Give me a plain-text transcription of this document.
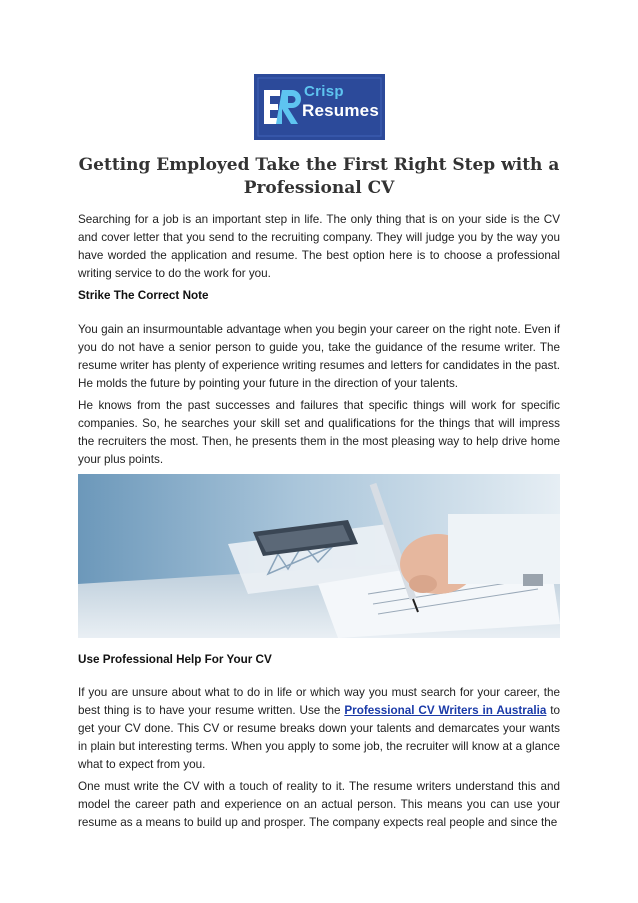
Crisp
Resumes
Getting Employed Take the First Right Step with a Professional CV

Searching for a job is an important step in life. The only thing that is on your side is the CV and cover letter that you send to the recruiting company. They will judge you by the way you have worded the application and resume. The best option here is to choose a professional writing service to do the work for you.

Strike The Correct Note

You gain an insurmountable advantage when you begin your career on the right note. Even if you do not have a senior person to guide you, take the guidance of the resume writer. The resume writer has plenty of experience writing resumes and letters for candidates in the past. He molds the future by pointing your future in the direction of your talents.

He knows from the past successes and failures that specific things will work for specific companies. So, he searches your skill set and qualifications for the things that will impress the recruiters the most. Then, he presents them in the most pleasing way to help drive home your plus points.

Use Professional Help For Your CV

If you are unsure about what to do in life or which way you must search for your career, the best thing is to have your resume written. Use the Professional CV Writers in Australia to get your CV done. This CV or resume breaks down your talents and demarcates your wants in plain but interesting terms. When you apply to some job, the recruiter will know at a glance what to expect from you.

One must write the CV with a touch of reality to it. The resume writers understand this and model the career path and experience on an actual person. This means you can use your resume as a means to build up and prosper. The company expects real people and since the
